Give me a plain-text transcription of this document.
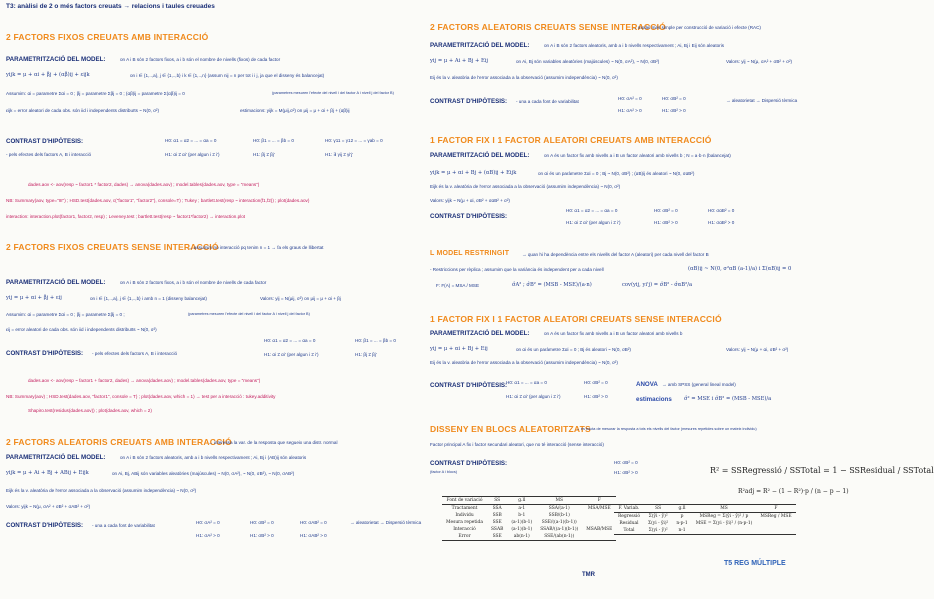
T3: anàlisi de 2 o més factors creuats → relacions i taules creuades
2 FACTORS FIXOS CREUATS AMB INTERACCIÓ
PARAMETRITZACIÓ DEL MODEL:	on A i B són 2 factors fixos, a i b són el nombre de nivells (fixos) de cada factor
yijk = μ + αi + βj + (αβ)ij + εijk	on i ∈ {1,..,a}, j ∈ {1,..,b} i k ∈ {1,..,n} (assum nij = n per tot i i j, ja que el disseny és balancejat)
Assumim: αi = parametre Σαi = 0 ; βj = parametre Σβj = 0 ; (αβ)ij = parametre Σ(αβ)ij = 0	(parametres mesuren l'efecte del nivell i del factor A i nivell j del factor B)
εijk = error aleatori de cada obs. són iid i independents distribuïts ~ N(0, σ²)	estimacions: yijk = M(μij,σ²) on μij = μ + αi + βj + (αβ)ij
CONTRAST D'HIPÒTESIS:
- pels efectes dels factors A, B i interacció
H0: α1 = α2 = ... = αa = 0
H1: αi ≠ αi' (per algun i ≠ i')
H0: β1 = ... = βb = 0
H1: βj ≠ βj'
H0: γ11 = γ12 = ... = γab = 0
H1: ∃ γij ≠ γi'j'
dades.aov <- aov(resp ~ factor1 * factor2, dades) → anova(dades.aov) ; model.tables(dades.aov, type = "means")
NB: Summary(aov, type="III") ; HSD.test(dades.aov, c("factor1", "factor2"), console=T) ; Tukey ; bartlett.test(resp ~ interaction(f1,f2)) ; plot(dades.aov)
interaction: interaction.plot(factor1, factor2, resp) ; Leveney.test ; bartlett.test(resp ~ factor1*factor2) → interaction.plot
2 FACTORS FIXOS CREUATS SENSE INTERACCIÓ
→ assumim no interacció pq tenim n = 1 → fa els graus de llibertat
PARAMETRITZACIÓ DEL MODEL:	on A i B són 2 factors fixos, a i b són el nombre de nivells de cada factor
yij = μ + αi + βj + εij	on i ∈ {1,..,a}, j ∈ {1,..,b} i amb n = 1 (disseny balancejat)
Assumim: αi = parametre Σαi = 0 ; βj = parametre Σβj = 0 ;	(parametres mesuren l'efecte del nivell i del factor A i nivell j del factor B)
εij = error aleatori de cada obs. són iid i independents distribuïts ~ N(0, σ²)
Valors: yij = N(μij, σ²) on μij = μ + αi + βj
CONTRAST D'HIPÒTESIS: - pels efectes dels factors A, B i interacció
H0: α1 = α2 = ... = αa = 0
H1: αi ≠ αi' (per algun i ≠ i')
H0: β1 = ... = βb = 0
H1: βj ≠ βj'
dades.aov <- aov(resp ~ factor1 + factor2, dades) → anova(dades.aov) ; model.tables(dades.aov, type = "means")
NB: Summary(aov) ; HSD.test(dades.aov, "factor1", console = T) ; plot(dades.aov, which = 1) → test per a interacció : tukey.additivity
Shapiro.test(residus(dades.aov)) ; plot(dades.aov, which = 2)
2 FACTORS ALEATORIS CREUATS AMB INTERACCIÓ
→ interessa la var. de la resposta que segueix una distr. normal
PARAMETRITZACIÓ DEL MODEL:	on A i B són 2 factors aleatoris, amb a i b nivells respectivament ; Ai, Bj i (AB)ij són aleatoris
yijk = μ + Ai + Bj + ABij + Eijk	on Ai, Bj, ABij són variables aleatòries (majúscules) ~ N(0, σA²), ~ N(0, σB²), ~ N(0, σAB²)
Eijk és la v. aleatòria de l'error associada a la observació (assumim independència) ~ N(0, σ²)
Valors: yijk ~ N(μ, σA² + σB² + σAB² + σ²)
CONTRAST D'HIPÒTESIS: - una a cada font de variabilitat
H0: σA² = 0
H1: σA² > 0
H0: σB² = 0
H1: σB² > 0
H0: σAB² = 0
H1: σAB² > 0
→ aleatorietat → Dispersió tèrmica
2 FACTORS ALEATORIS CREUATS SENSE INTERACCIÓ
→ model més simple per construcció de variació i efecte (RAC)
PARAMETRITZACIÓ DEL MODEL:	on A i B són 2 factors aleatoris, amb a i b nivells respectivament ; Ai, Bj i Eij són aleatoris
yij = μ + Ai + Bj + Eij	on Ai, Bj són variables aleatòries (majúscules) ~ N(0, σA²), ~ N(0, σB²)
Eij és la v. aleatòria de l'error associada a la observació (assumim independència) ~ N(0, σ²)
Valors: yij ~ N(μ, σA² + σB² + σ²)
CONTRAST D'HIPÒTESIS: - una a cada font de variabilitat
H0: σA² = 0
H1: σA² > 0
H0: σB² = 0
H1: σB² > 0
→ aleatorietat → Dispersió tèrmica
1 FACTOR FIX I 1 FACTOR ALEATORI CREUATS AMB INTERACCIÓ
PARAMETRITZACIÓ DEL MODEL:	on A és un factor fix amb nivells a i B un factor aleatori amb nivells b ; N = a·b·n (balancejat)
yijk = μ + αi + Bj + (αB)ij + Eijk	on αi és un paràmetre Σαi = 0 ; Bj ~ N(0, σB²) ; (αB)ij és aleatori ~ N(0, σαB²)
Eijk és la v. aleatòria de l'error associada a la observació (assumim independència) ~ N(0, σ²)
Valors: yijk ~ N(μ + αi, σB² + σαB² + σ²)
CONTRAST D'HIPÒTESIS:
H0: α1 = α2 = ... = αa = 0
H1: αi ≠ αi' (per algun i ≠ i')
H0: σB² = 0
H1: σB² > 0
H0: σαB² = 0
H1: σαB² > 0
L MODEL RESTRINGIT	→ quan hi ha dependència entre els nivells del factor A (aleatori) per cada nivell del factor B
- Restriccions per rèplica ; assumim que la variància és independent per a cada nivell	(αB)ij ~ N(0, σ²αB (a-1)/a) i Σ(αB)ij = 0
F: F(A) = MSA / MSE	σ̂A² ; σ̂B² = (MSB - MSE)/(a·n)	cov(yij, yi'j) = σ̂B² - σ̂αB²/a
1 FACTOR FIX I 1 FACTOR ALEATORI CREUATS SENSE INTERACCIÓ
PARAMETRITZACIÓ DEL MODEL:	on A és un factor fix amb nivells a i B un factor aleatori amb nivells b
yij = μ + αi + Bj + Eij	on αi és un paràmetre Σαi = 0 ; Bj és aleatori ~ N(0, σB²)
Eij és la v. aleatòria de l'error associada a la observació (assumim independència) ~ N(0, σ²)
Valors: yij ~ N(μ + αi, σB² + σ²)
CONTRAST D'HIPÒTESIS:
H0: α1 = ... = αa = 0
H1: αi ≠ αi' (per algun i ≠ i')
H0: σB² = 0
H1: σB² > 0
ANOVA → amb SPSS (general lineal model)
estimacions σ̂² = MSE i σ̂B² = (MSB - MSE)/a
DISSENY EN BLOCS ALEATORITZATS
→ es tracta de mesurar la resposta a tots els nivells del factor (mesures repetides sobre un mateix individu)
Factor principal A fix i factor secundari aleatori, que no té interacció (sense interacció)
CONTRAST D'HIPÒTESIS:
(factor A i blocs)
H0: σB² = 0
H1: σB² > 0
Font de variació	SS	g.ll	MS	F
Tractament	SSA	a-1	SSA/(a-1)	MSA/MSE
Individu	SSB	b-1	SSB/(b-1)	
Mesura repetida	SSE	(a-1)(b-1)	SSE/((a-1)(b-1))	
Interacció	SSAB	(a-1)(b-1)	SSAB/((a-1)(b-1))	MSAB/MSE
Error	SSE	ab(n-1)	SSE/(ab(n-1))	
TMR
R² = SSRegressió / SSTotal = 1 − SSResidual / SSTotal
R²adj = R² − (1 − R²)·p / (n − p − 1)
F. Variab.	SS	g.ll	MS	F
Regressió	Σ(ŷi - ȳ)²	p	MSReg = Σ(ŷi - ȳ)² / p	MSReg / MSE
Residual	Σ(yi - ŷi)²	n-p-1	MSE = Σ(yi - ŷi)² / (n-p-1)	
Total	Σ(yi - ȳ)²	n-1		
T5 REG MÚLTIPLE
